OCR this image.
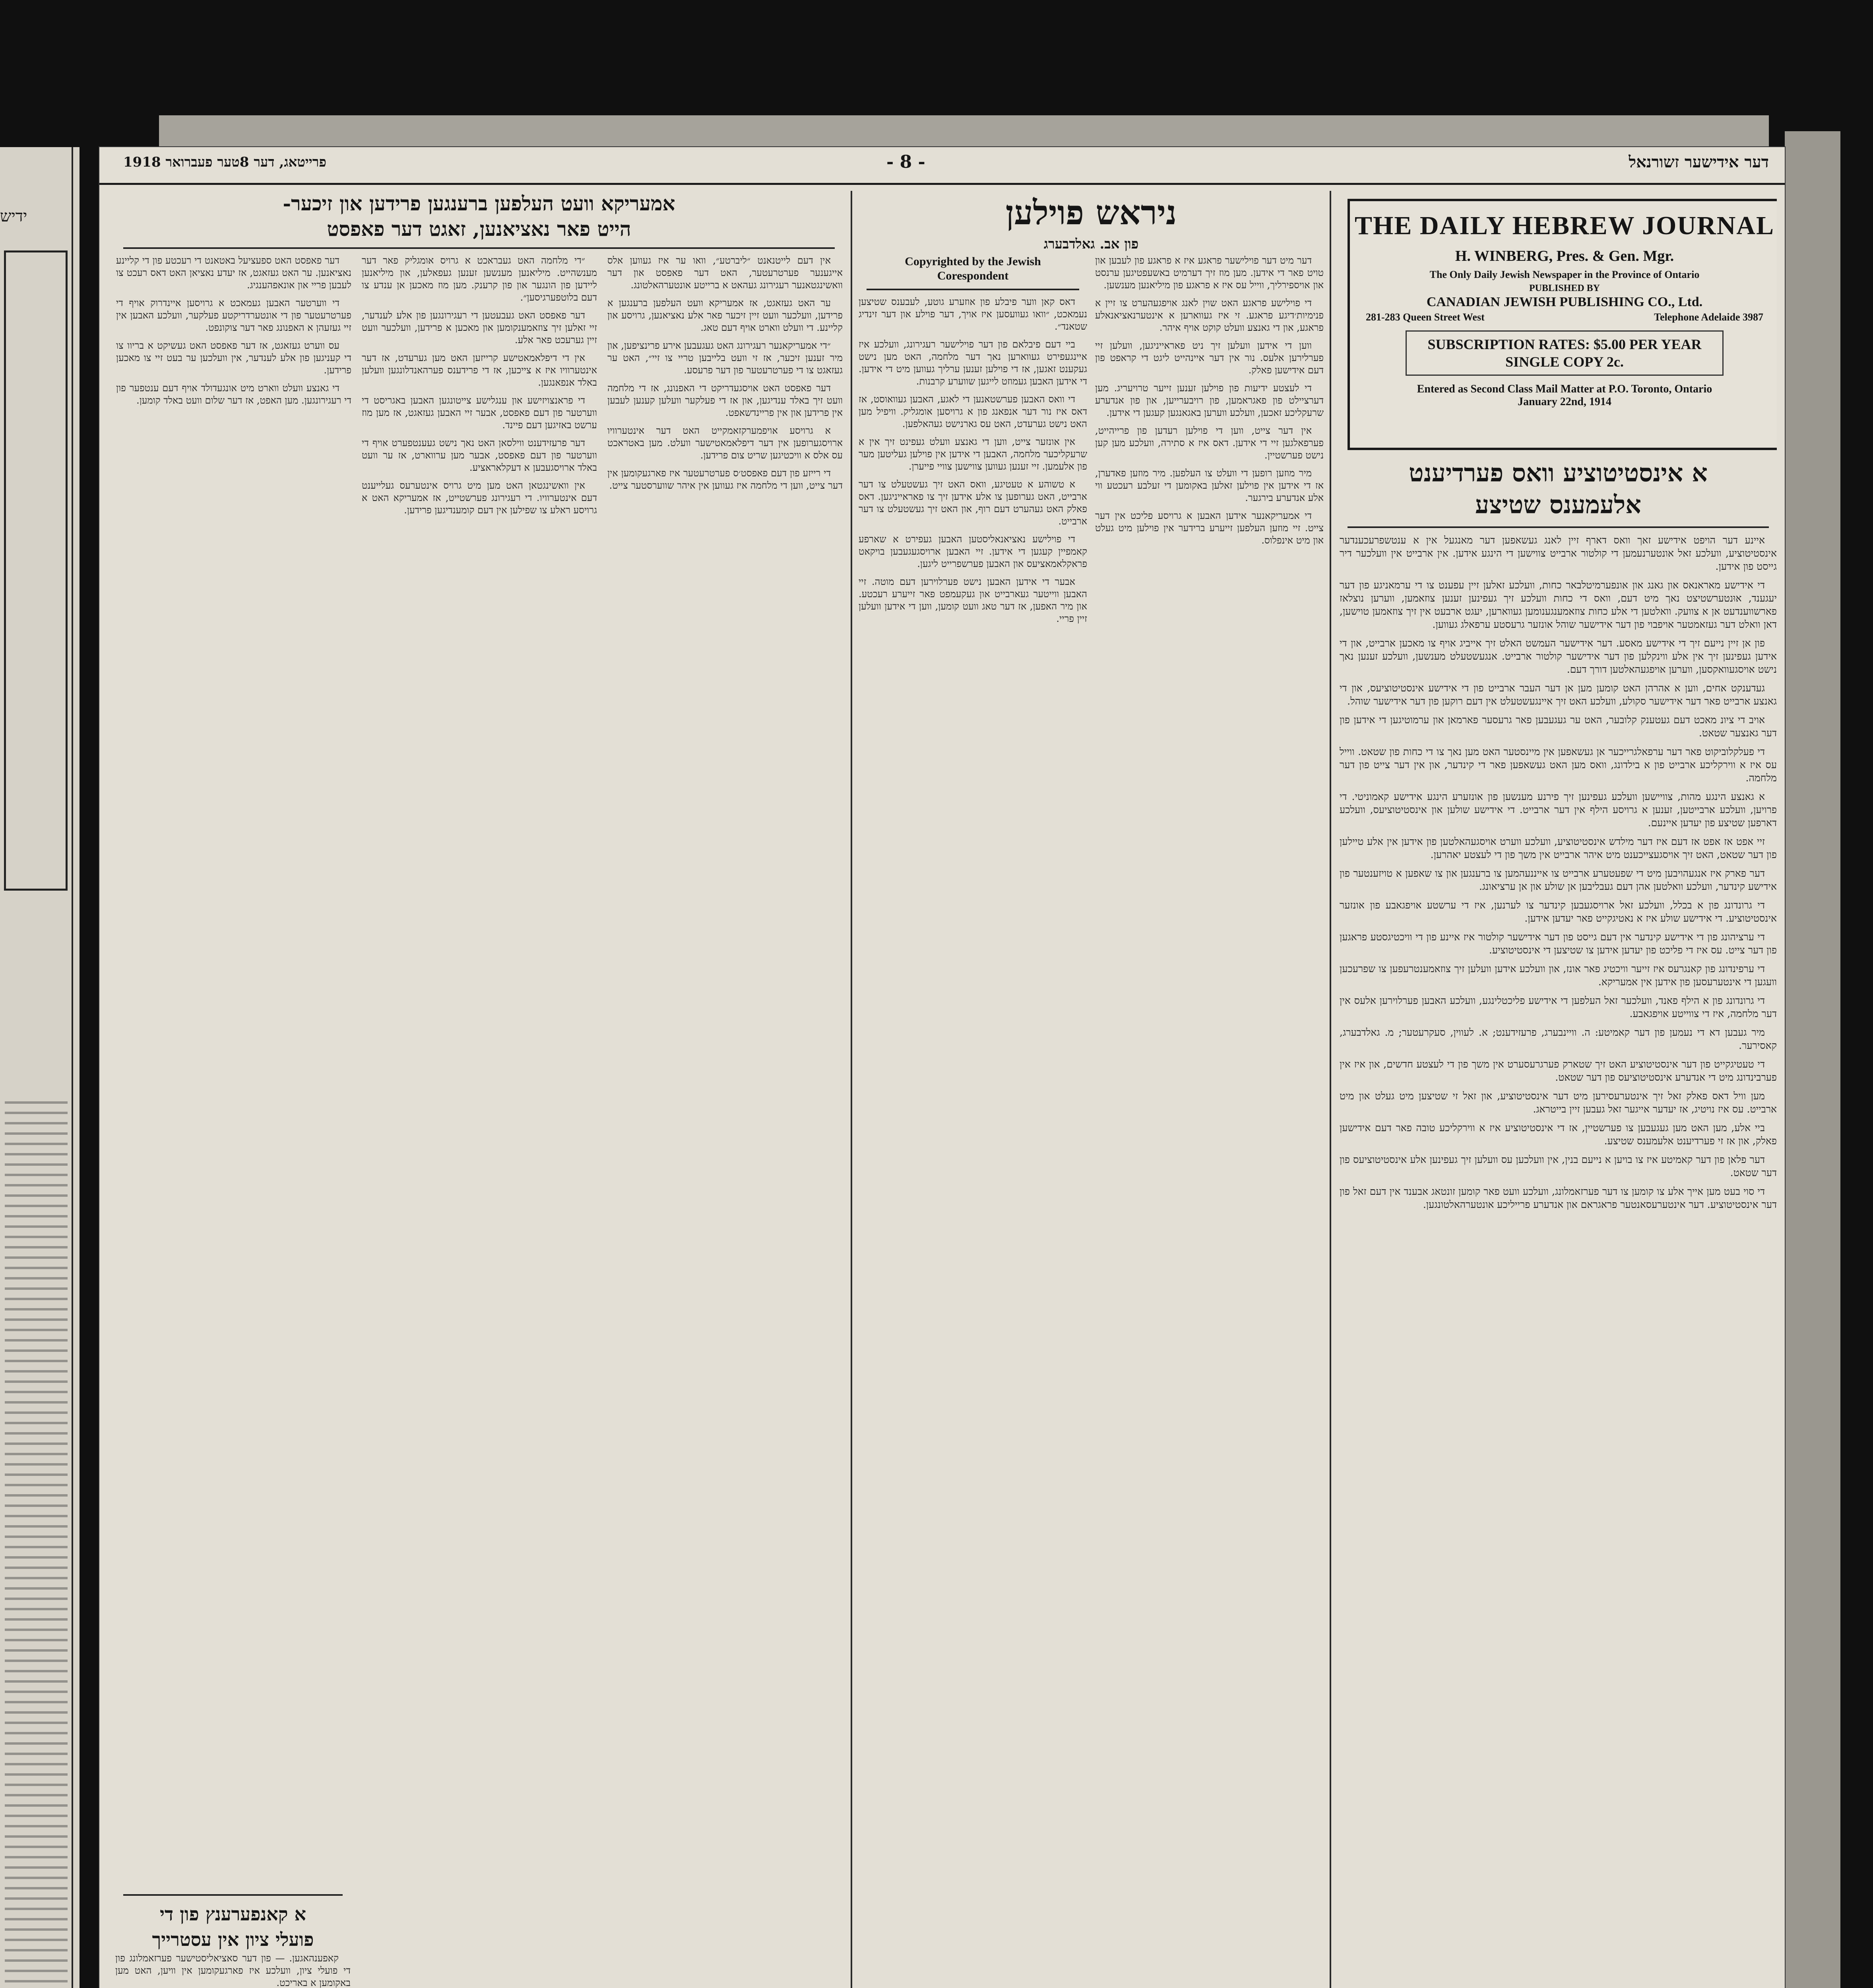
ידיש
פרייטאג, דער 8טער פעברואר 1918	- 8 -	דער אידישער זשורנאל
THE DAILY HEBREW JOURNAL
H. WINBERG, Pres. & Gen. Mgr.
The Only Daily Jewish Newspaper in the Province of Ontario
PUBLISHED BY
CANADIAN JEWISH PUBLISHING CO., Ltd.
281-283 Queen Street West	Telephone Adelaide 3987
SUBSCRIPTION RATES: $5.00 PER YEAR
SINGLE COPY 2c.
Entered as Second Class Mail Matter at P.O. Toronto, Ontario
January 22nd, 1914
א אינסטיטוציע וואס פערדיענט
אלעמענס שטיצע

איינע דער הויפט אידישע זאך וואס דארף זיין לאנג געשאפען דער מאנגעל אין א ענטשפרעכענדער אינסטיטוציע, וועלכע זאל אונטערנעמען די קולטור ארבייט צווישען די הינגע אידען. אין ארבייט אין וועלכער דיר גייסט פון אידען.

די אידישע מאראנאס און גאנג און אונפערמיטלבאר כחות, וועלכע זאלען זיין עפענט צו די ערמאניגע פון דער יעגענד, אוּנטערשטיצט נאך מיט דעם, וואס די כחות וועלכע זיך געפינען זענען צוזאמען, ווערען נוצלאז פארשווענדעט אן א צוועק. וואלטען די אלע כחות צוזאמענגענומען געווארען, יעגט ארבעט אין זיך צוזאמען טוישען, דאן וואלט דער געזאמטער אויפבוי פון דער אידישער שוהל אונזער גרעסטע ערפאלג געווען.

פון אן זיין נייעם זיך די אידישע מאסע. דער אידישער העמשט האלט זיך אייביג אויף צו מאכען ארבייט, און די אידען געפינען זיך אין אלע ווינקלען פון דער אידישער קולטור ארבייט. אנגעשטעלט מענשען, וועלכע זענען נאך נישט אויסגעוואקסען, ווערען אויפגעהאלטען דורך דעם.

געדענקט אחים, ווען א אהרהן האט קומען מען אן דער העבר ארבייט פון די אידישע אינסטיטוציעס, און די גאנצע ארבייט פאר דער אידישער סקולע, וועלכע האט זיך איינגעשטעלט אין דעם רוקען פון דער אידישער שוהל.

אויב די ציונ מאכט דעם געטענק קלובער, האט ער געגעבען פאר גרעסער פארמאן און ערמוטיגען די אידען פון דער גאנצער שטאט.

די פעלקלוביקוט פאר דער ערפאלגרייכער אן געשאפען אין מיינסטער האט מען נאך צו די כחות פון שטאט. ווייל עס איז א ווירקליכע ארבייט פון א בילדונג, וואס מען האט געשאפען פאר די קינדער, און אין דער צייט פון דער מלחמה.

א גאנצע הינגע מהות, צוויישען וועלכע געפינען זיך פירנע מענשען פון אונזערע הינגע אידישע קאמוניטי. די פרויען, וועלכע ארבייטען, זענען א גרויסע הילף אין דער ארבייט. די אידישע שולען און אינסטיטוציעס, וועלכע דארפען שטיצע פון יעדען איינעם.

זיי אפט אז אפט אז דעם איז דער מילדש אינסטיטוציע, וועלכע ווערט אויסגעהאלטען פון אידען אין אלע טיילען פון דער שטאט, האט זיך אויסגעצייכענט מיט איהר ארבייט אין משך פון די לעצטע יאהרען.

דער פארק איז אנגעהויבען מיט די שפעטערע ארבייט צו אייננעהמען צו ברענגען און צו שאפען א טויזענטער פון אידישע קינדער, וועלכע וואלטען אהן דעם געבליבען אן שולע און אן ערציאונג.

די גרונדונג פון א בכלל, וועלכע זאל ארויסגעבען קינדער צו לערנען, איז די ערשטע אויפגאבע פון אונזער אינסטיטוציע. די אידישע שולע איז א נאטיגקייט פאר יעדען אידען.

די ערציהונג פון די אידישע קינדער אין דעם גייסט פון דער אידישער קולטור איז איינע פון די וויכטיגסטע פראגען פון דער צייט. עס איז די פליכט פון יעדען אידען צו שטיצען די אינסטיטוציע.

די ערפינדונג פון קאנגרעס איז זייער וויכטיג פאר אונז, און וועלכע אידען וועלען זיך צוזאמענטרעפען צו שפרעכען וועגען די אינטערעסען פון אידען אין אמעריקא.

די גרונדונג פון א הילף פאנד, וועלכער זאל העלפען די אידישע פליכטלינגע, וועלכע האבען פערלוירען אלעס אין דער מלחמה, איז די צווייטע אויפגאבע.

מיר געבען דא די נעמען פון דער קאמיטע: ה. וויינבערג, פרעזידענט; א. לעווין, סעקרעטער; מ. גאלדבערג, קאסירער.

די טעטיגקייט פון דער אינסטיטוציע האט זיך שטארק פערגרעסערט אין משך פון די לעצטע חדשים, און איז אין פערבינדונג מיט די אנדערע אינסטיטוציעס פון דער שטאט.

מען וויל דאס פאלק זאל זיך אינטערעסירען מיט דער אינסטיטוציע, און זאל זי שטיצען מיט געלט און מיט ארבייט. עס איז נויטיג, אז יעדער אייגער זאל געבען זיין בייטראג.

ביי אלע, מען האט מען געגעבען צו פערשטיין, אז די אינסטיטוציע איז א ווירקליכע טובה פאר דעם אידישען פאלק, און אז זי פערדיענט אלעמענס שטיצע.

דער פלאן פון דער קאמיטע איז צו בויען א נייעם בנין, אין וועלכען עס וועלען זיך געפינען אלע אינסטיטוציעס פון דער שטאט.

די סוי בעט מען אייך אלע צו קומען צו דער פערזאמלונג, וועלכע וועט פאר קומען זונטאג אבענד אין דעם זאל פון דער אינסטיטוציע. דער אינטערעסאנטער פראגראם און אנדערע פרייליכע אונטערהאלטונגען.

ניראש פוילען
פון אב. גאלדבערג
Copyrighted by the Jewish
Corespondent

דאס קאן ווער פיבלע פון אוזערע גוטע, לעבענס שטיצען נעמאכט, ״וואו געוועסען איז אויך, דער פוילע און דער זינדיג שטאנד״.

ביי דעם פיבלאם פון דער פוילישער רעגירונג, וועלכע איז איינגעפירט געווארען נאך דער מלחמה, האט מען נישט געקענט זאגען, אז די פוילען זענען ערליך געווען מיט די אידען. די אידען האבען געמוזט לייגען שווערע קרבנות.

די וואס האבען פערשטאנען די לאגע, האבען געוואוסט, אז דאס איז נור דער אנפאנג פון א גרויסען אומגליק. וויפיל מען האט נישט גערעדט, האט עס גארנישט געהאלפען.

אין אונזער צייט, ווען די גאנצע וועלט געפינט זיך אין א שרעקליכער מלחמה, האבען די אידען אין פוילען געליטען מער פון אלעמען. זיי זענען געווען צווישען צוויי פייערן.

א טשוהע א טעטיגע, וואס האט זיך געשטעלט צו דער ארבייט, האט גערופען צו אלע אידען זיך צו פאראייניגען. דאס פאלק האט געהערט דעם רוף, און האט זיך געשטעלט צו דער ארבייט.

די פוילישע נאציאנאליסטען האבען געפירט א שארפע קאמפיין קעגען די אידען. זיי האבען ארויסגעגעבען בויקאט פראקלאמאציעס און האבען פערשפרייט ליגען.

אבער די אידען האבען נישט פערלוירען דעם מוטה. זיי האבען ווייטער געארבייט און געקעמפט פאר זייערע רעכטע. און מיר האפען, אז דער טאג וועט קומען, ווען די אידען וועלען זיין פריי.

דער מיט דער פוילישער פראגע איז א פראגע פון לעבען און טויט פאר די אידען. מען מוז זיך דערמיט באשעפטיגען ערנסט און אויספירליך, ווייל עס איז א פראגע פון מיליאנען מענשען.

די פוילישע פראגע האט שוין לאנג אויפגעהערט צו זיין א פנימיות׳דיגע פראגע. זי איז געווארען א אינטערנאציאנאלע פראגע, און די גאנצע וועלט קוקט אויף איהר.

ווען די אידען וועלען זיך ניט פאראייניגען, וועלען זיי פערלירען אלעס. נור אין דער איינהייט ליגט די קראפט פון דעם אידישען פאלק.

די לעצטע ידיעות פון פוילען זענען זייער טרויעריג. מען דערציילט פון פאגראמען, פון רויבערייען, און פון אנדערע שרעקליכע זאכען, וועלכע ווערען באגאנגען קעגען די אידען.

אין דער צייט, ווען די פוילען רעדען פון פרייהייט, פערפאלגען זיי די אידען. דאס איז א סתירה, וועלכע מען קען נישט פערשטיין.

מיר מוזען רופען די וועלט צו העלפען. מיר מוזען פאדערן, אז די אידען אין פוילען זאלען באקומען די זעלבע רעכטע ווי אלע אנדערע בירגער.

די אמעריקאנער אידען האבען א גרויסע פליכט אין דער צייט. זיי מוזען העלפען זייערע ברידער אין פוילען מיט געלט און מיט אינפלוס.

אמעריקא וועט העלפען ברענגען פרידען און זיכער-
הייט פאר נאציאנען, זאגט דער פאפסט

אין דעם לייטנאנט ״ליברטע״, וואו ער איז געווען אלס אייגענער פערטרעטער, האט דער פאפסט און דער וואשינגטאנער רעגירונג געהאט א ברייטע אונטערהאלטונג.

ער האט געזאגט, אז אמעריקא וועט העלפען ברענגען א פרידען, וועלכער וועט זיין זיכער פאר אלע נאציאנען, גרויסע און קליינע. די וועלט ווארט אויף דעם טאג.

״די אמעריקאנער רעגירונג האט געגעבען אירע פרינציפען, און מיר זענען זיכער, אז זי וועט בלייבען טריי צו זיי״, האט ער געזאגט צו די פערטרעטער פון דער פרעסע.

דער פאפסט האט אויסגעדריקט די האפנונג, אז די מלחמה וועט זיך באלד ענדיגען, און אז די פעלקער וועלען קענען לעבען אין פרידען און אין פריינדשאפט.

א גרויסע אויפמערקזאמקייט האט דער אינטערוויו ארויסגערופען אין דער דיפלאמאטישער וועלט. מען באטראכט עס אלס א וויכטיגען שריט צום פרידען.

די רייזע פון דעם פאפסט׳ס פערטרעטער איז פארגעקומען אין דער צייט, ווען די מלחמה איז געווען אין איהר שווערסטער צייט.

״די מלחמה האט געבראכט א גרויס אומגליק פאר דער מענשהייט. מיליאנען מענשען זענען געפאלען, און מיליאנען ליידען פון הונגער און פון קרענק. מען מוז מאכען אן ענדע צו דעם בלוטפערגיסען״.

דער פאפסט האט געבעטען די רעגירונגען פון אלע לענדער, זיי זאלען זיך צוזאמענקומען און מאכען א פרידען, וועלכער וועט זיין גערעכט פאר אלע.

אין די דיפלאמאטישע קרייזען האט מען גערעדט, אז דער אינטערוויו איז א צייכען, אז די פרידענס פערהאנדלונגען וועלען באלד אנפאנגען.

די פראנצויזישע און ענגלישע צייטונגען האבען באגריסט די ווערטער פון דעם פאפסט, אבער זיי האבען געזאגט, אז מען מוז ערשט באזיגען דעם פיינד.

דער פרעזידענט ווילסאן האט נאך נישט געענטפערט אויף די ווערטער פון דעם פאפסט, אבער מען ערווארט, אז ער וועט באלד ארויסגעבען א דעקלאראציע.

אין וואשינגטאן האט מען מיט גרויס אינטערעס געלייענט דעם אינטערוויו. די רעגירונג פערשטייט, אז אמעריקא האט א גרויסע ראלע צו שפילען אין דעם קומענדיגען פרידען.

דער פאפסט האט ספעציעל באטאנט די רעכטע פון די קליינע נאציאנען. ער האט געזאגט, אז יעדע נאציאן האט דאס רעכט צו לעבען פריי און אונאפהענגיג.

די ווערטער האבען געמאכט א גרויסען איינדרוק אויף די פערטרעטער פון די אונטערדריקטע פעלקער, וועלכע האבען אין זיי געזעהן א האפנונג פאר דער צוקונפט.

עס ווערט געזאגט, אז דער פאפסט האט געשיקט א בריוו צו די קעניגען פון אלע לענדער, אין וועלכען ער בעט זיי צו מאכען פרידען.

די גאנצע וועלט ווארט מיט אונגעדולד אויף דעם ענטפער פון די רעגירונגען. מען האפט, אז דער שלום וועט באלד קומען.

א קאנפערענץ פון די
פועלי ציון אין עסטרייך

קאפענהאגען. — פון דער סאציאליסטישער פערזאמלונג פון די פועלי ציון, וועלכע איז פארגעקומען אין וויען, האט מען באקומען א באריכט.
